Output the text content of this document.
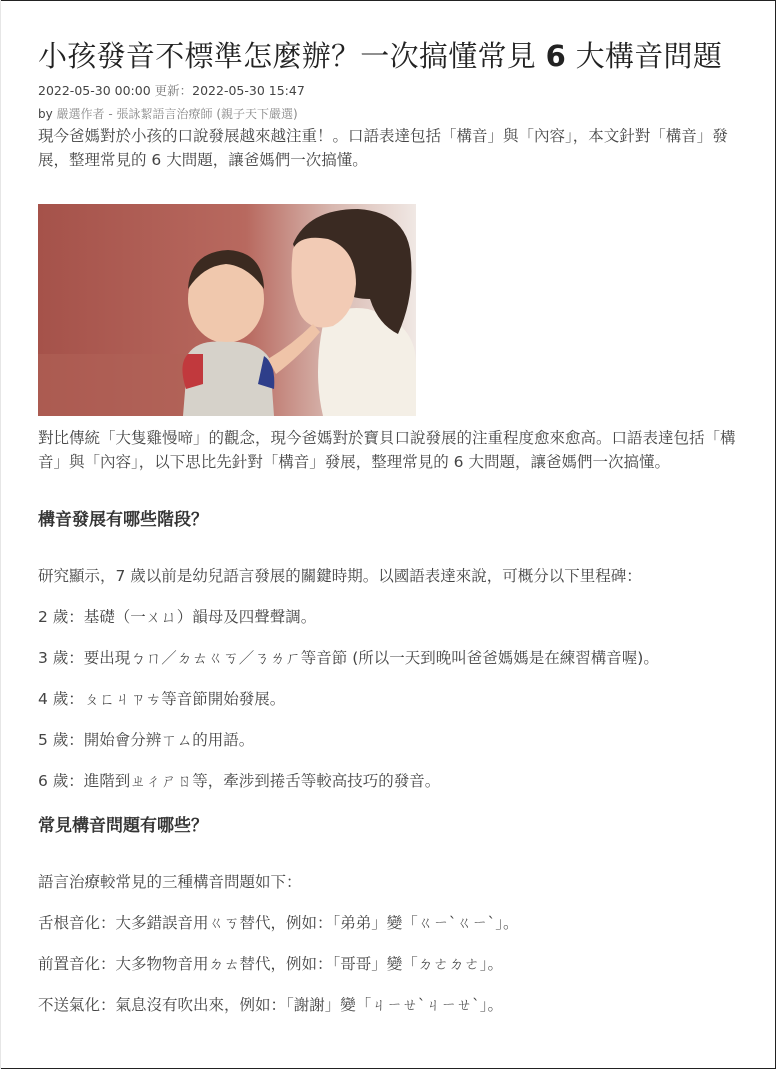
小孩發音不標準怎麼辦？一次搞懂常見 6 大構音問題
2022-05-30 00:00 更新：2022-05-30 15:47
by 嚴選作者 - 張詠絜語言治療師 (親子天下嚴選)

現今爸媽對於小孩的口說發展越來越注重！。口語表達包括「構音」與「內容」，本文針對「構音」發展，整理常見的 6 大問題，讓爸媽們一次搞懂。

對比傳統「大隻雞慢啼」的觀念，現今爸媽對於寶貝口說發展的注重程度愈來愈高。口語表達包括「構音」與「內容」，以下思比先針對「構音」發展，整理常見的 6 大問題，讓爸媽們一次搞懂。

構音發展有哪些階段？

研究顯示，7 歲以前是幼兒語言發展的關鍵時期。以國語表達來說，可概分以下里程碑：

2 歲：基礎（一ㄨㄩ）韻母及四聲聲調。

3 歲：要出現ㄅㄇ／ㄉㄊㄍㄎ／ㄋㄌㄏ等音節 (所以一天到晚叫爸爸媽媽是在練習構音喔)。

4 歲：ㄆㄈㄐㄗㄘ等音節開始發展。

5 歲：開始會分辨ㄒㄙ的用語。

6 歲：進階到ㄓㄔㄕㄖ等，牽涉到捲舌等較高技巧的發音。

常見構音問題有哪些？

語言治療較常見的三種構音問題如下：

舌根音化：大多錯誤音用ㄍㄎ替代，例如：「弟弟」變「ㄍㄧˋㄍㄧˋ」。

前置音化：大多物物音用ㄉㄊ替代，例如：「哥哥」變「ㄉㄜㄉㄜ」。

不送氣化：氣息沒有吹出來，例如：「謝謝」變「ㄐㄧㄝˋㄐㄧㄝˋ」。
